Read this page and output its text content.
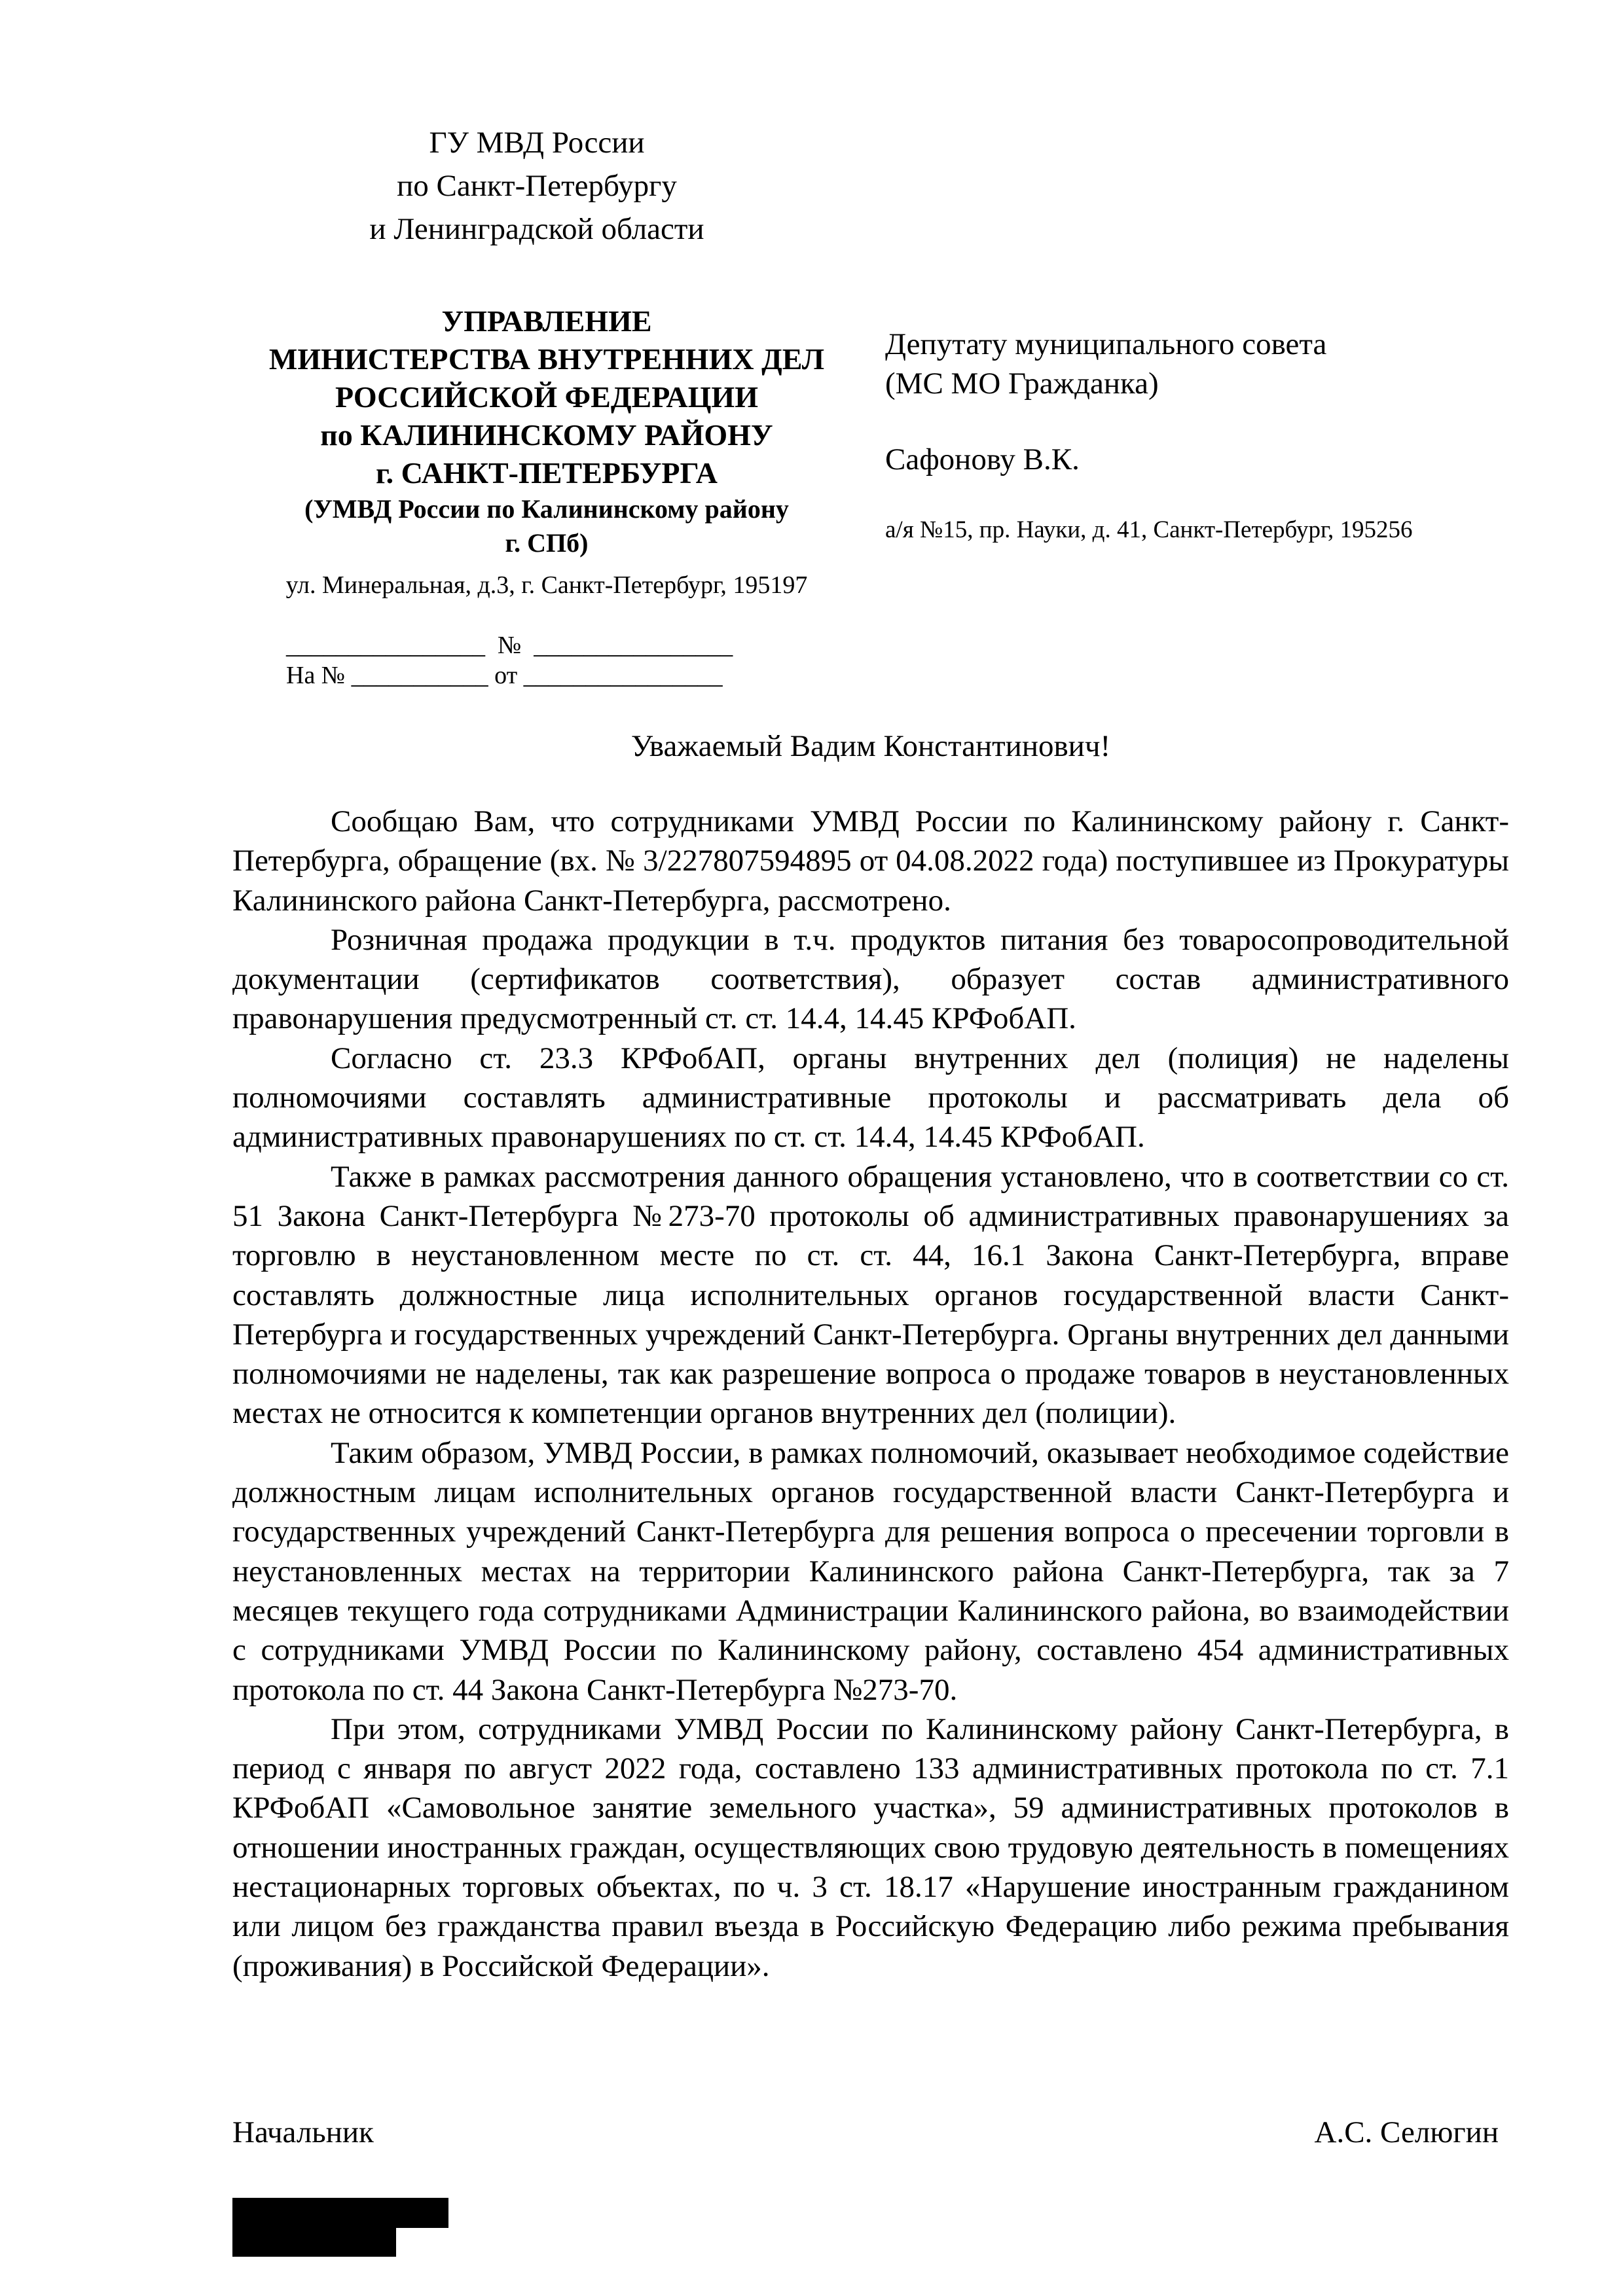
ГУ МВД России
по Санкт-Петербургу
и Ленинградской области
УПРАВЛЕНИЕ
МИНИСТЕРСТВА ВНУТРЕННИХ ДЕЛ
РОССИЙСКОЙ ФЕДЕРАЦИИ
по КАЛИНИНСКОМУ РАЙОНУ
г. САНКТ-ПЕТЕРБУРГА
(УМВД России по Калининскому району
г. СПб)
ул. Минеральная, д.3, г. Санкт-Петербург, 195197
________________  №  ________________
На № ___________ от ________________
Депутату муниципального совета
(МС МО Гражданка)
Сафонову В.К.
а/я №15, пр. Науки, д. 41, Санкт-Петербург, 195256
Уважаемый Вадим Константинович!

Сообщаю Вам, что сотрудниками УМВД России по Калининскому району г. Санкт-Петербурга, обращение (вх. № 3/227807594895 от 04.08.2022 года) поступившее из Прокуратуры Калининского района Санкт-Петербурга, рассмотрено.

Розничная продажа продукции в т.ч. продуктов питания без товаросопроводительной документации (сертификатов соответствия), образует состав административного правонарушения предусмотренный ст. ст. 14.4, 14.45 КРФобАП.

Согласно ст. 23.3 КРФобАП, органы внутренних дел (полиция) не наделены полномочиями составлять административные протоколы и рассматривать дела об административных правонарушениях по ст. ст. 14.4, 14.45 КРФобАП.

Также в рамках рассмотрения данного обращения установлено, что в соответствии со ст. 51 Закона Санкт-Петербурга №273-70 протоколы об административных правонарушениях за торговлю в неустановленном месте по ст. ст. 44, 16.1 Закона Санкт-Петербурга, вправе составлять должностные лица исполнительных органов государственной власти Санкт-Петербурга и государственных учреждений Санкт-Петербурга. Органы внутренних дел данными полномочиями не наделены, так как разрешение вопроса о продаже товаров в неустановленных местах не относится к компетенции органов внутренних дел (полиции).

Таким образом, УМВД России, в рамках полномочий, оказывает необходимое содействие должностным лицам исполнительных органов государственной власти Санкт-Петербурга и государственных учреждений Санкт-Петербурга для решения вопроса о пресечении торговли в неустановленных местах на территории Калининского района Санкт-Петербурга, так за 7 месяцев текущего года сотрудниками Администрации Калининского района, во взаимодействии с сотрудниками УМВД России по Калининскому району, составлено 454 административных протокола по ст. 44 Закона Санкт-Петербурга №273-70.

При этом, сотрудниками УМВД России по Калининскому району Санкт-Петербурга, в период с января по август 2022 года, составлено 133 административных протокола по ст. 7.1 КРФобАП «Самовольное занятие земельного участка», 59 административных протоколов в отношении иностранных граждан, осуществляющих свою трудовую деятельность в помещениях нестационарных торговых объектах, по ч. 3 ст. 18.17 «Нарушение иностранным гражданином или лицом без гражданства правил въезда в Российскую Федерацию либо режима пребывания (проживания) в Российской Федерации».

Начальник	А.С. Селюгин
